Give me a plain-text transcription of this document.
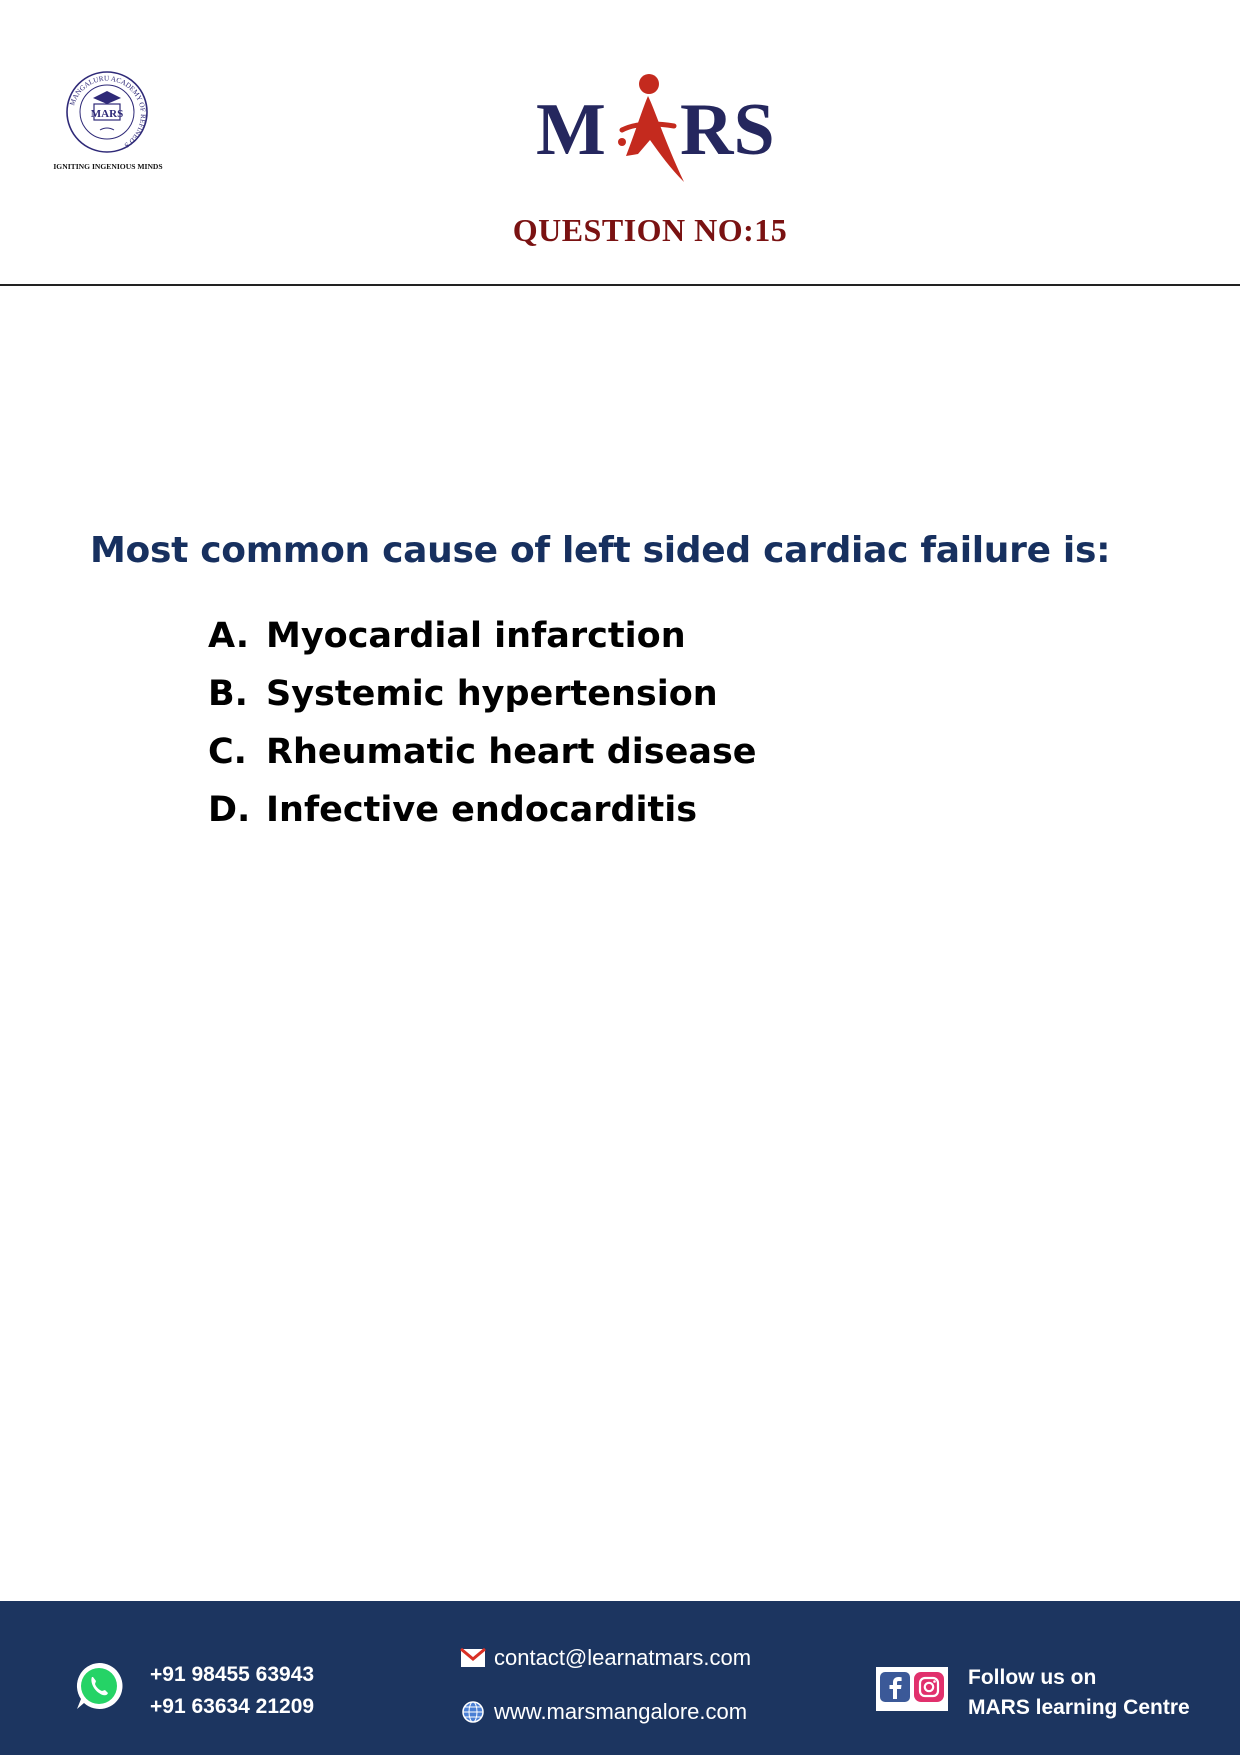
MANGALURU ACADEMY OF REFINED S
MARS
IGNITING INGENIOUS MINDS	M RS
QUESTION NO:15
Most common cause of left sided cardiac failure is:
A. Myocardial infarction
B. Systemic hypertension
C. Rheumatic heart disease
D. Infective endocarditis
+91 98455 63943
+91 63634 21209
contact@learnatmars.com
www.marsmangalore.com
Follow us on
MARS learning Centre
